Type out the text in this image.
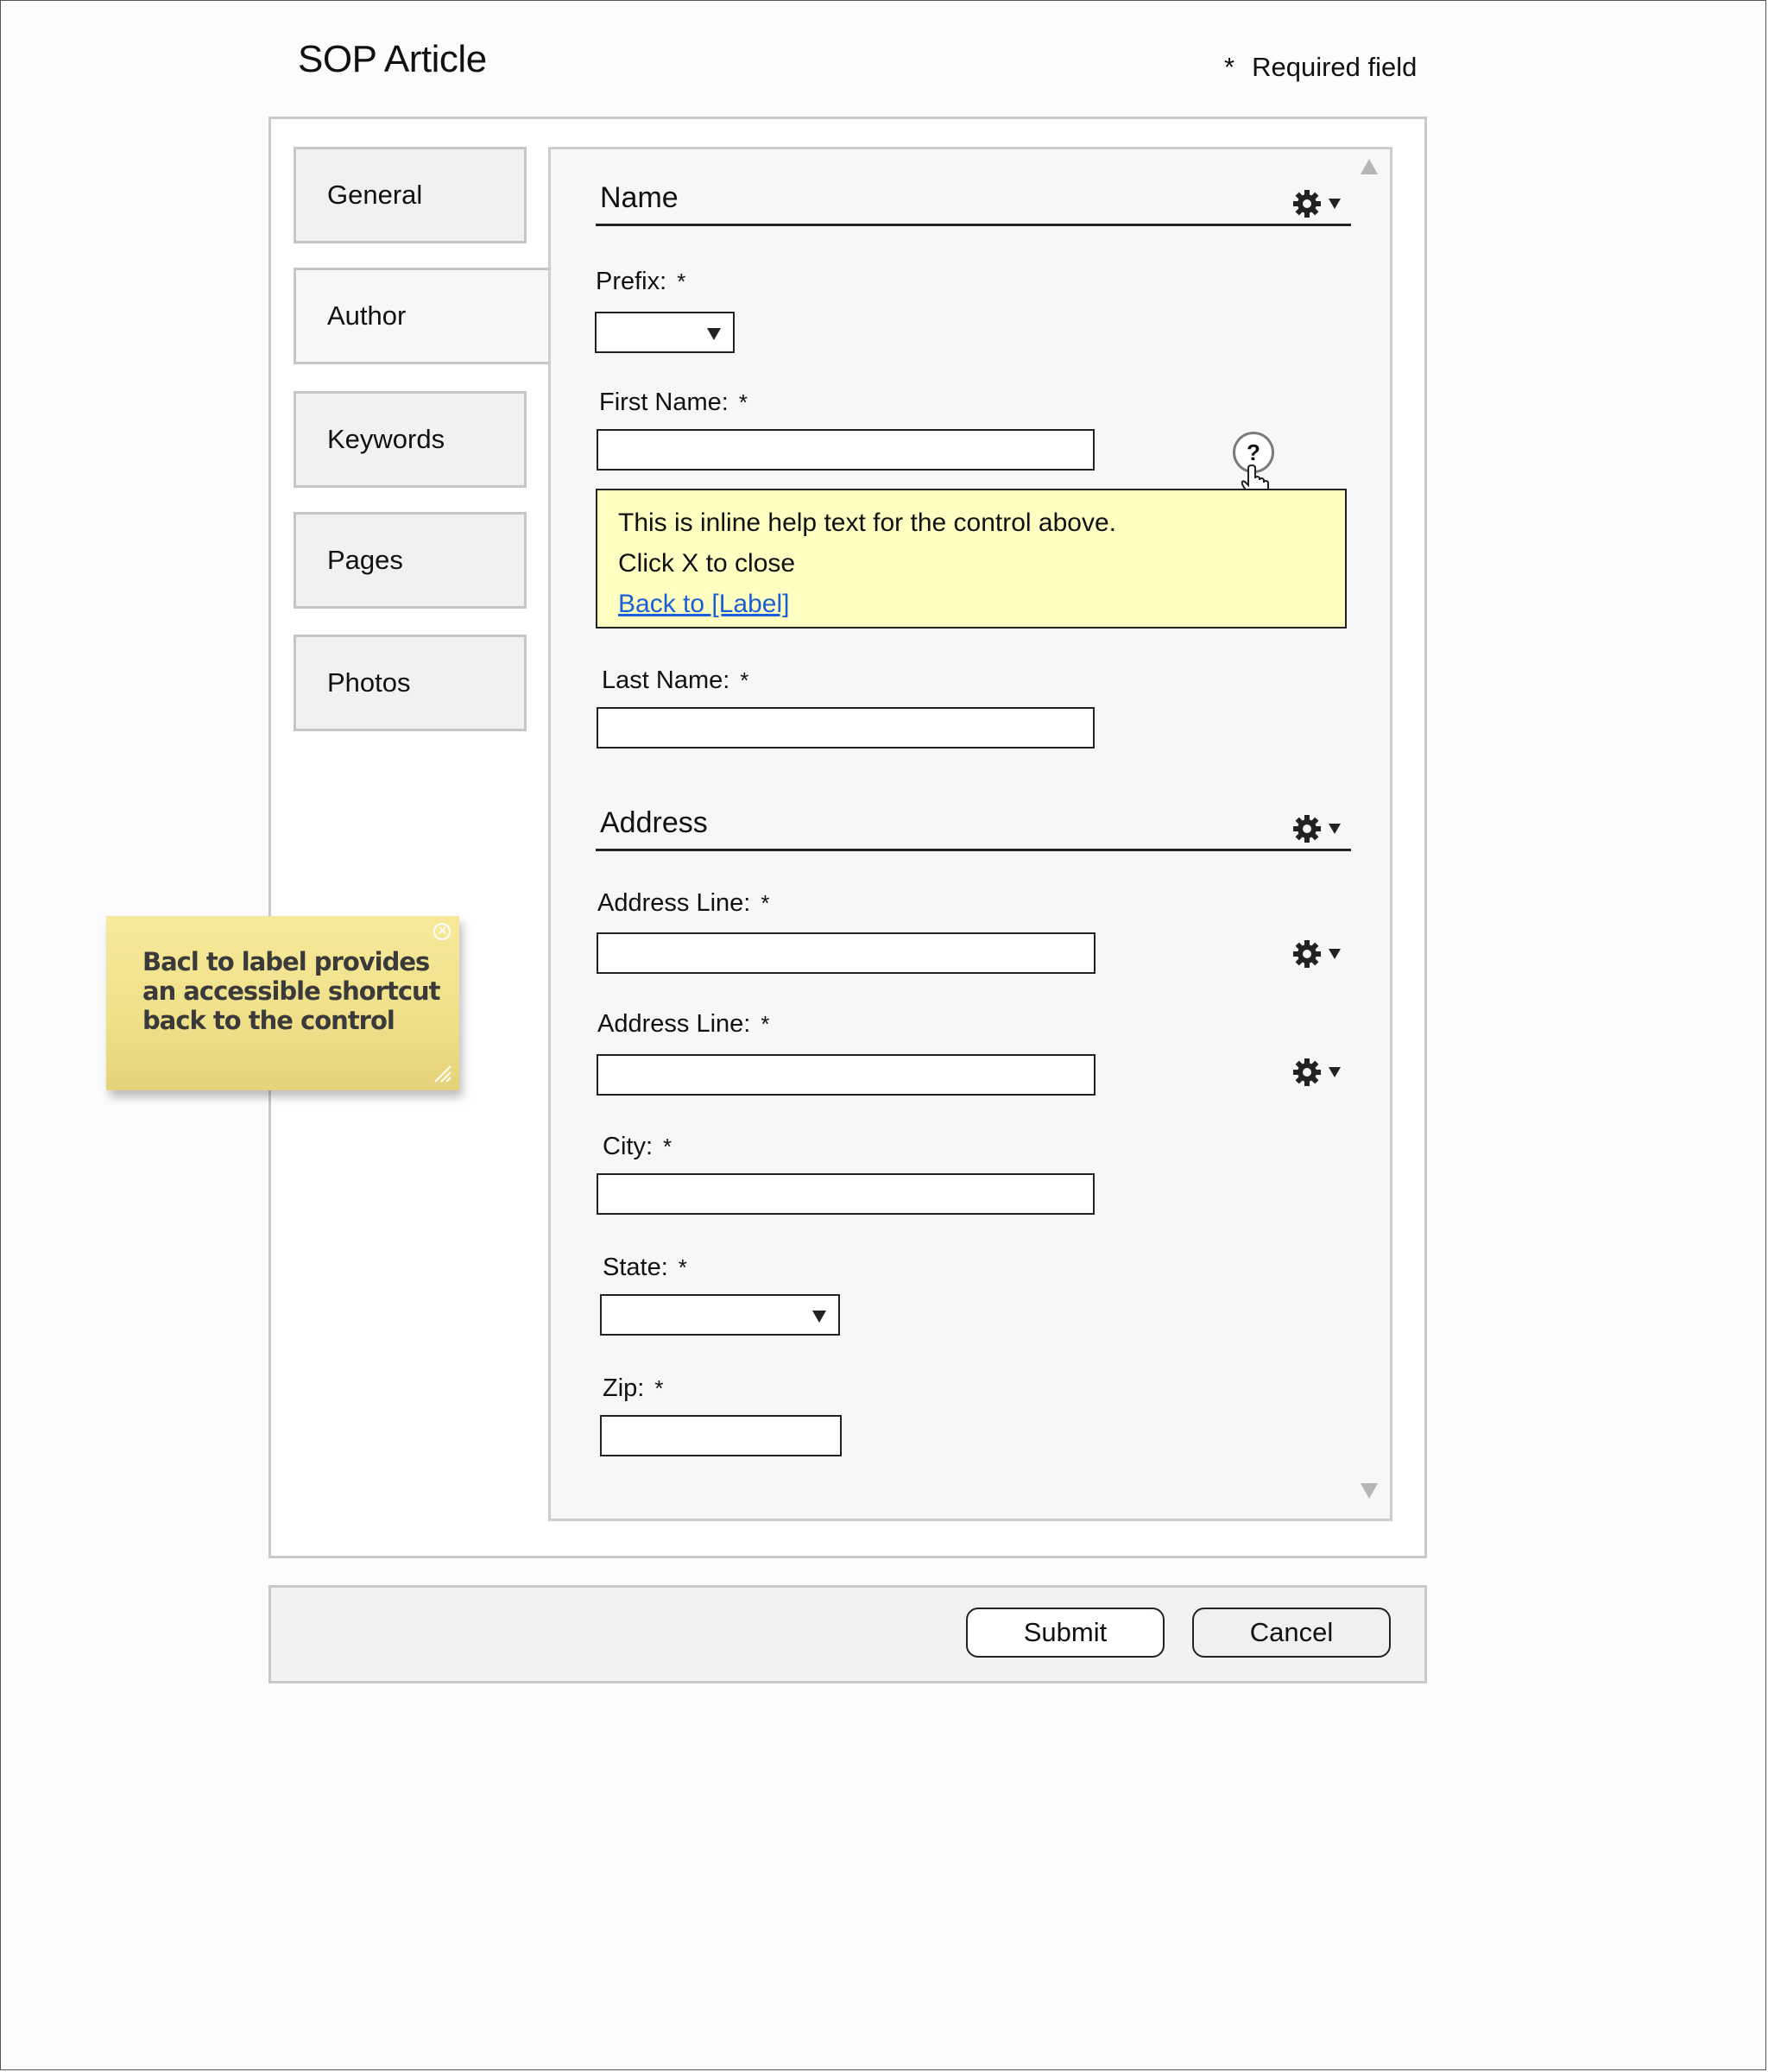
SOP Article	* Required field
General
Author
Keywords
Pages
Photos
Name
Prefix: *
First Name: *
?
This is inline help text for the control above.
Click X to close
Back to [Label]
Last Name: *
Address
Address Line: *
Address Line: *
City: *
State: *
Zip: *
×
Bacl to label provides an accessible shortcut back to the control
Submit	Cancel
